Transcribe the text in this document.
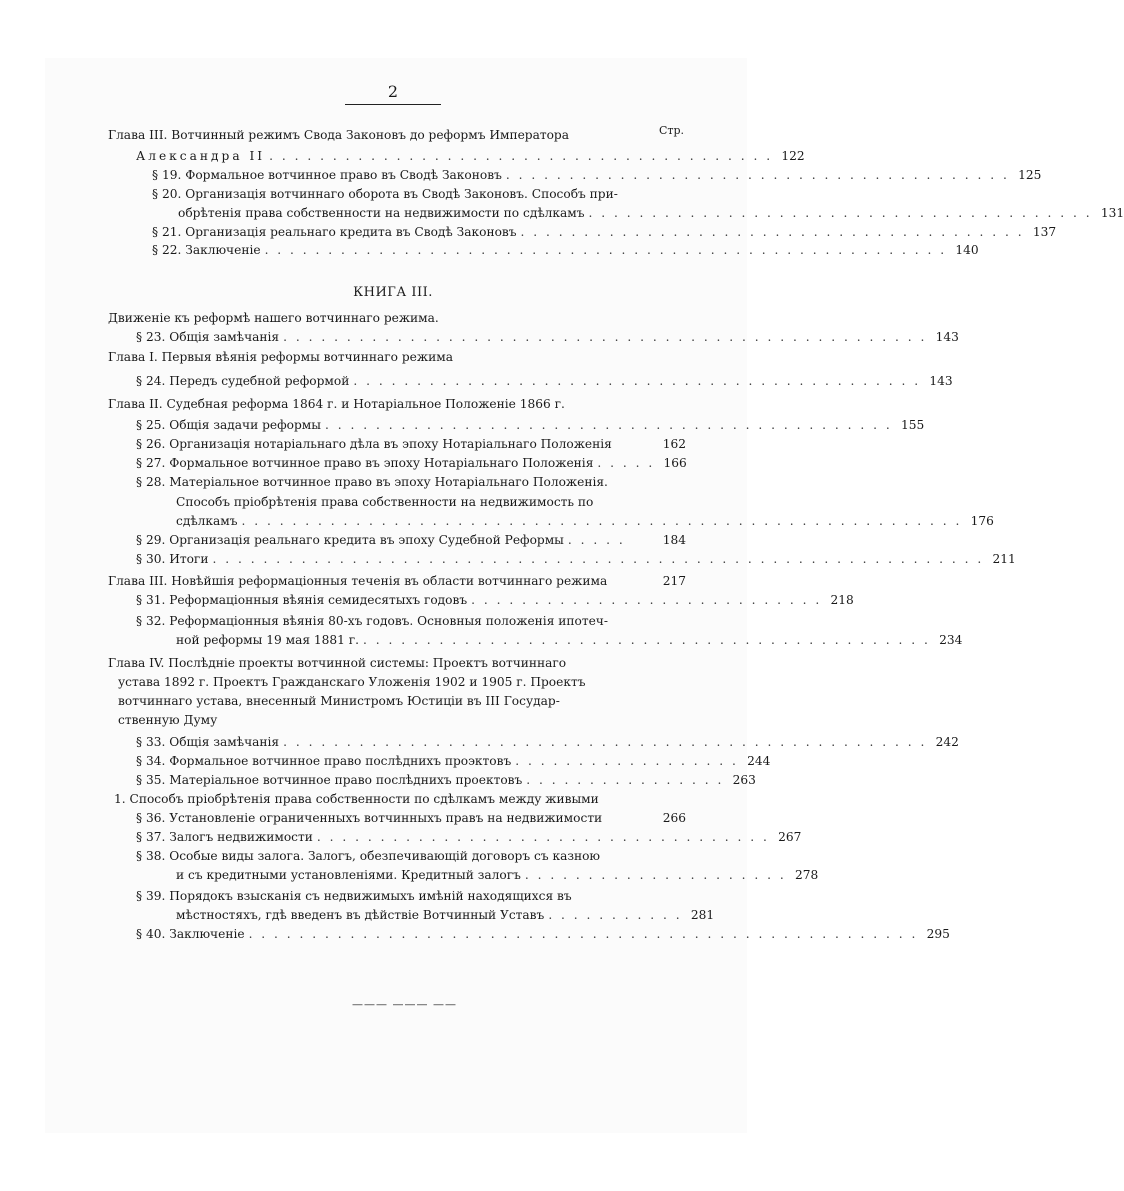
2
Стр.
Глава III. Вотчинный режимъ Свода Законовъ до реформъ Императора
Александра II . . . . . . . . . . . . . . . . . . . . . . . . . . . . . . . . . . . . . . . . 122
§ 19. Формальное вотчинное право въ Сводѣ Законовъ . . . . . . . . . . . . . . . . . . . . . . . . . . . . . . . . . . . . . . . . 125
§ 20. Организація вотчиннаго оборота въ Сводѣ Законовъ. Способъ при-
обрѣтенія права собственности на недвижимости по сдѣлкамъ . . . . . . . . . . . . . . . . . . . . . . . . . . . . . . . . . . . . . . . . 131
§ 21. Организація реальнаго кредита въ Сводѣ Законовъ . . . . . . . . . . . . . . . . . . . . . . . . . . . . . . . . . . . . . . . . 137
§ 22. Заключеніе . . . . . . . . . . . . . . . . . . . . . . . . . . . . . . . . . . . . . . . . . . . . . . . . . . . . . . 140
КНИГА III.
Движеніе къ реформѣ нашего вотчиннаго режима.
§ 23. Общія замѣчанія . . . . . . . . . . . . . . . . . . . . . . . . . . . . . . . . . . . . . . . . . . . . . . . . . . . 143
Глава I. Первыя вѣянія реформы вотчиннаго режима
§ 24. Передъ судебной реформой . . . . . . . . . . . . . . . . . . . . . . . . . . . . . . . . . . . . . . . . . . . . . 143
Глава II. Судебная реформа 1864 г. и Нотаріальное Положеніе 1866 г.
§ 25. Общія задачи реформы . . . . . . . . . . . . . . . . . . . . . . . . . . . . . . . . . . . . . . . . . . . . . 155
§ 26. Организація нотаріальнаго дѣла въ эпоху Нотаріальнаго Положенія	162
§ 27. Формальное вотчинное право въ эпоху Нотаріальнаго Положенія . . . . . 166
§ 28. Матеріальное вотчинное право въ эпоху Нотаріальнаго Положенія.
Способъ пріобрѣтенія права собственности на недвижимость по
сдѣлкамъ . . . . . . . . . . . . . . . . . . . . . . . . . . . . . . . . . . . . . . . . . . . . . . . . . . . . . . . . . 176
§ 29. Организація реальнаго кредита въ эпоху Судебной Реформы . . . . .	184
§ 30. Итоги . . . . . . . . . . . . . . . . . . . . . . . . . . . . . . . . . . . . . . . . . . . . . . . . . . . . . . . . . . . . . 211
Глава III. Новѣйшія реформаціонныя теченія въ области вотчиннаго режима	217
§ 31. Реформаціонныя вѣянія семидесятыхъ годовъ . . . . . . . . . . . . . . . . . . . . . . . . . . . . 218
§ 32. Реформаціонныя вѣянія 80-хъ годовъ. Основныя положенія ипотеч-
ной реформы 19 мая 1881 г. . . . . . . . . . . . . . . . . . . . . . . . . . . . . . . . . . . . . . . . . . . . . . 234
Глава IV. Послѣдніе проекты вотчинной системы: Проектъ вотчиннаго
устава 1892 г. Проектъ Гражданскаго Уложенія 1902 и 1905 г. Проектъ
вотчиннаго устава, внесенный Министромъ Юстиціи въ III Государ-
ственную Думу
§ 33. Общія замѣчанія . . . . . . . . . . . . . . . . . . . . . . . . . . . . . . . . . . . . . . . . . . . . . . . . . . . 242
§ 34. Формальное вотчинное право послѣднихъ проэктовъ . . . . . . . . . . . . . . . . . . 244
§ 35. Матеріальное вотчинное право послѣднихъ проектовъ . . . . . . . . . . . . . . . . 263
1. Способъ пріобрѣтенія права собственности по сдѣлкамъ между живыми
§ 36. Установленіе ограниченныхъ вотчинныхъ правъ на недвижимости	266
§ 37. Залогъ недвижимости . . . . . . . . . . . . . . . . . . . . . . . . . . . . . . . . . . . . 267
§ 38. Особые виды залога. Залогъ, обезпечивающій договоръ съ казною
и съ кредитными установленіями. Кредитный залогъ . . . . . . . . . . . . . . . . . . . . . 278
§ 39. Порядокъ взысканія съ недвижимыхъ имѣній находящихся въ
мѣстностяхъ, гдѣ введенъ въ дѣйствіе Вотчинный Уставъ . . . . . . . . . . . 281
§ 40. Заключеніе . . . . . . . . . . . . . . . . . . . . . . . . . . . . . . . . . . . . . . . . . . . . . . . . . . . . . 295
——— ——— ——
